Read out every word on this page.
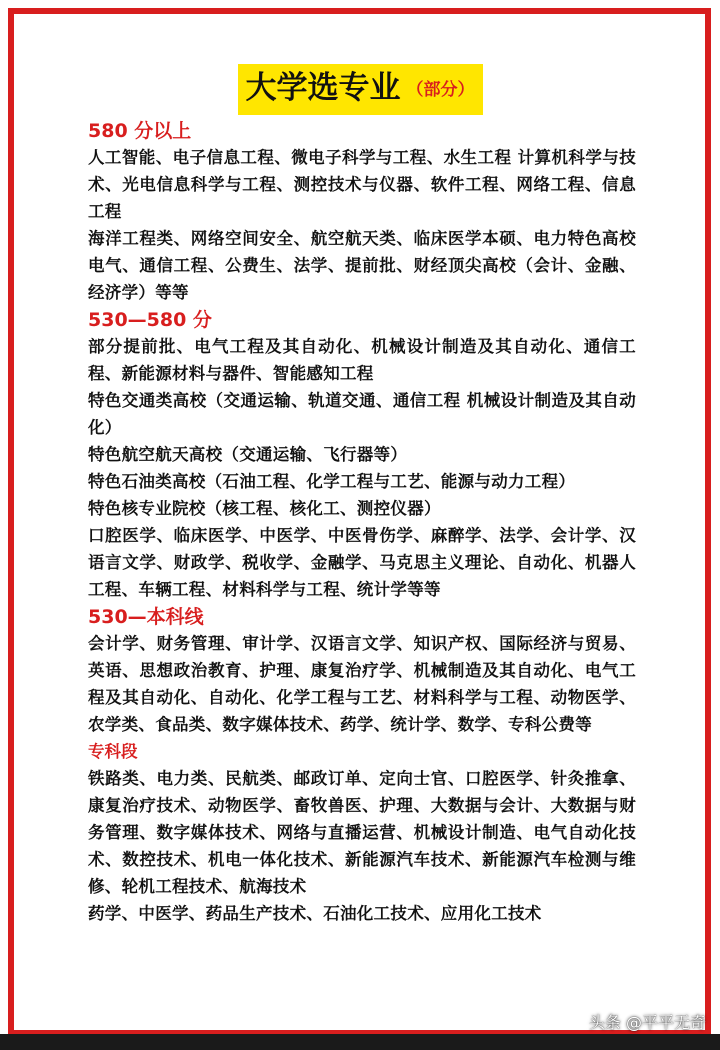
大学选专业 （部分）
580 分以上

人工智能、电子信息工程、微电子科学与工程、水生工程 计算机科学与技术、光电信息科学与工程、测控技术与仪器、软件工程、网络工程、信息工程

海洋工程类、网络空间安全、航空航天类、临床医学本硕、电力特色高校电气、通信工程、公费生、法学、提前批、财经顶尖高校（会计、金融、经济学）等等

530—580 分

部分提前批、电气工程及其自动化、机械设计制造及其自动化、通信工程、新能源材料与器件、智能感知工程

特色交通类高校（交通运输、轨道交通、通信工程 机械设计制造及其自动化）

特色航空航天高校（交通运输、飞行器等）

特色石油类高校（石油工程、化学工程与工艺、能源与动力工程）

特色核专业院校（核工程、核化工、测控仪器）

口腔医学、临床医学、中医学、中医骨伤学、麻醉学、法学、会计学、汉语言文学、财政学、税收学、金融学、马克思主义理论、自动化、机器人工程、车辆工程、材料科学与工程、统计学等等

530—本科线

会计学、财务管理、审计学、汉语言文学、知识产权、国际经济与贸易、英语、思想政治教育、护理、康复治疗学、机械制造及其自动化、电气工程及其自动化、自动化、化学工程与工艺、材料科学与工程、动物医学、农学类、食品类、数字媒体技术、药学、统计学、数学、专科公费等

专科段

铁路类、电力类、民航类、邮政订单、定向士官、口腔医学、针灸推拿、康复治疗技术、动物医学、畜牧兽医、护理、大数据与会计、大数据与财务管理、数字媒体技术、网络与直播运营、机械设计制造、电气自动化技术、数控技术、机电一体化技术、新能源汽车技术、新能源汽车检测与维修、轮机工程技术、航海技术

药学、中医学、药品生产技术、石油化工技术、应用化工技术

头条 @平平无奇
